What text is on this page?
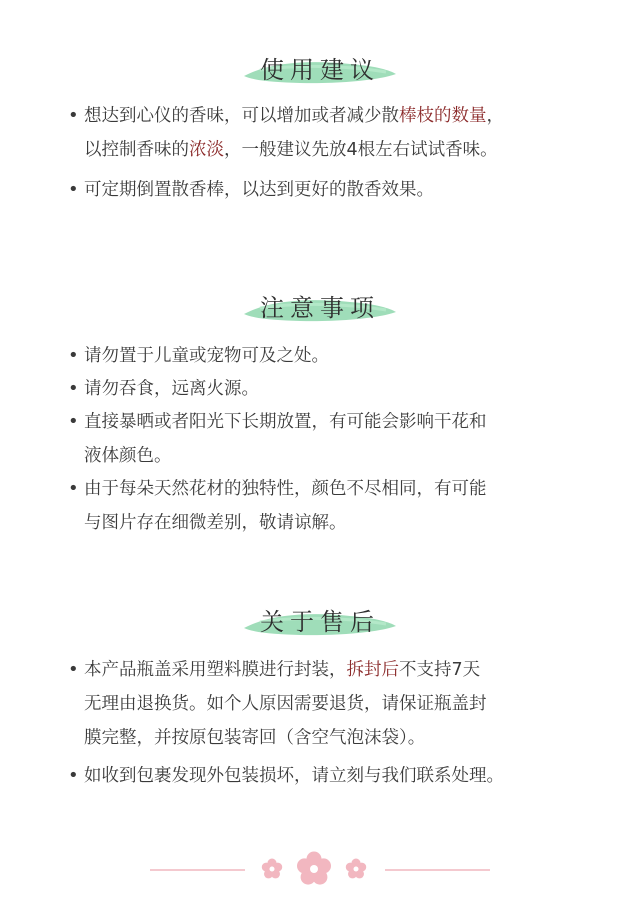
使用建议
• 想达到心仪的香味，可以增加或者减少散棒枝的数量，
以控制香味的浓淡，一般建议先放4根左右试试香味。
• 可定期倒置散香棒，以达到更好的散香效果。
注意事项
• 请勿置于儿童或宠物可及之处。
• 请勿吞食，远离火源。
• 直接暴晒或者阳光下长期放置，有可能会影响干花和
液体颜色。
• 由于每朵天然花材的独特性，颜色不尽相同，有可能
与图片存在细微差别，敬请谅解。
关于售后
• 本产品瓶盖采用塑料膜进行封装，拆封后不支持7天
无理由退换货。如个人原因需要退货，请保证瓶盖封
膜完整，并按原包装寄回（含空气泡沫袋）。
• 如收到包裹发现外包装损坏，请立刻与我们联系处理。
